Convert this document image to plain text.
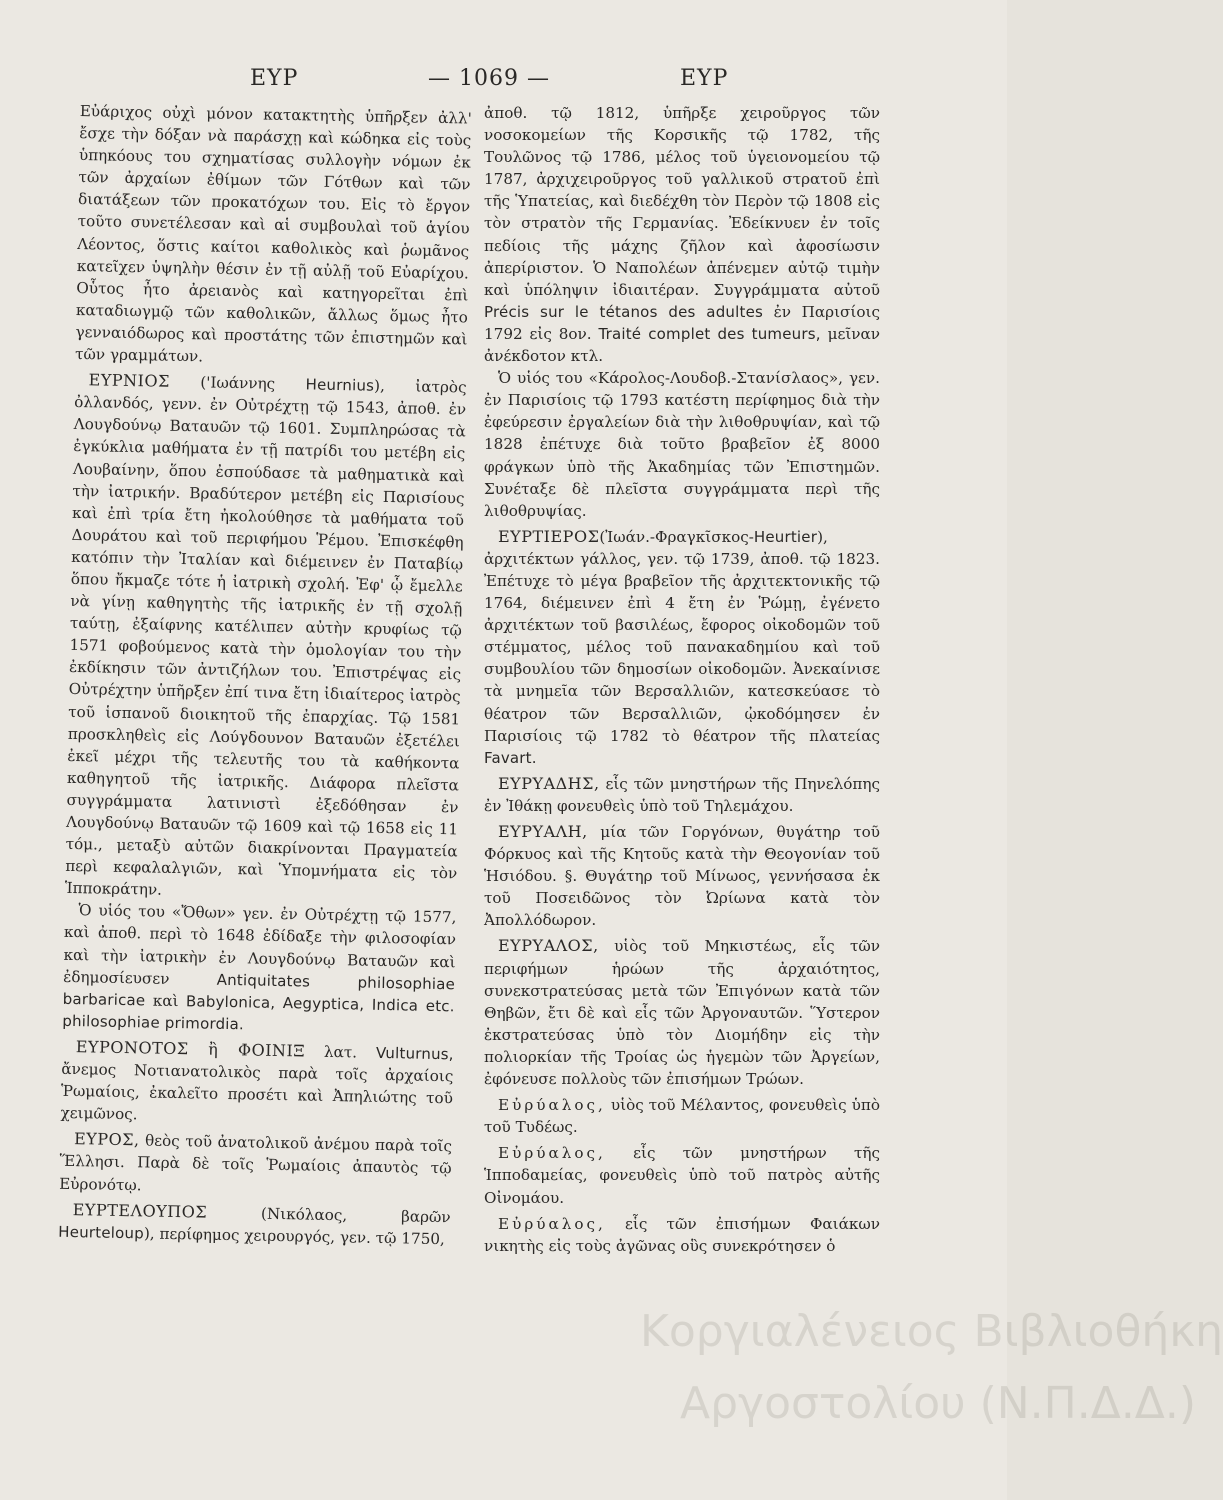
ΕΥΡ	— 1069 —	ΕΥΡ

Εὐάριχος οὐχὶ μόνον κατακτητὴς ὑπῆρξεν ἀλλ' ἔσχε τὴν δόξαν νὰ παράσχῃ καὶ κώδηκα εἰς τοὺς ὑπηκόους του σχηματίσας συλλογὴν νόμων ἐκ τῶν ἀρχαίων ἐθίμων τῶν Γότθων καὶ τῶν διατάξεων τῶν προκατόχων του. Εἰς τὸ ἔργον τοῦτο συνετέλεσαν καὶ αἱ συμβουλαὶ τοῦ ἁγίου Λέοντος, ὅστις καίτοι καθολικὸς καὶ ῥωμᾶνος κατεῖχεν ὑψηλὴν θέσιν ἐν τῇ αὐλῇ τοῦ Εὐαρίχου. Οὗτος ἦτο ἀρειανὸς καὶ κατηγορεῖται ἐπὶ καταδιωγμῷ τῶν καθολικῶν, ἄλλως ὅμως ἦτο γενναιόδωρος καὶ προστάτης τῶν ἐπιστημῶν καὶ τῶν γραμμάτων.

ΕΥΡΝΙΟΣ ('Ιωάννης Heurnius), ἰατρὸς ὀλλανδός, γενν. ἐν Οὐτρέχτῃ τῷ 1543, ἀποθ. ἐν Λουγδούνῳ Βαταυῶν τῷ 1601. Συμπληρώσας τὰ ἐγκύκλια μαθήματα ἐν τῇ πατρίδι του μετέβη εἰς Λουβαίνην, ὅπου ἐσπούδασε τὰ μαθηματικὰ καὶ τὴν ἰατρικήν. Βραδύτερον μετέβη εἰς Παρισίους καὶ ἐπὶ τρία ἔτη ἠκολούθησε τὰ μαθήματα τοῦ Δουράτου καὶ τοῦ περιφήμου Ῥέμου. Ἐπισκέφθη κατόπιν τὴν Ἰταλίαν καὶ διέμεινεν ἐν Παταβίῳ ὅπου ἤκμαζε τότε ἡ ἰατρικὴ σχολή. Ἐφ' ᾧ ἔμελλε νὰ γίνῃ καθηγητὴς τῆς ἰατρικῆς ἐν τῇ σχολῇ ταύτῃ, ἐξαίφνης κατέλιπεν αὐτὴν κρυφίως τῷ 1571 φοβούμενος κατὰ τὴν ὁμολογίαν του τὴν ἐκδίκησιν τῶν ἀντιζήλων του. Ἐπιστρέψας εἰς Οὐτρέχτην ὑπῆρξεν ἐπί τινα ἔτη ἰδιαίτερος ἰατρὸς τοῦ ἱσπανοῦ διοικητοῦ τῆς ἐπαρχίας. Τῷ 1581 προσκληθεὶς εἰς Λούγδουνον Βαταυῶν ἐξετέλει ἐκεῖ μέχρι τῆς τελευτῆς του τὰ καθήκοντα καθηγητοῦ τῆς ἰατρικῆς. Διάφορα πλεῖστα συγγράμματα λατινιστὶ ἐξεδόθησαν ἐν Λουγδούνῳ Βαταυῶν τῷ 1609 καὶ τῷ 1658 εἰς 11 τόμ., μεταξὺ αὐτῶν διακρίνονται Πραγματεία περὶ κεφαλαλγιῶν, καὶ Ὑπομνήματα εἰς τὸν Ἱπποκράτην.

Ὁ υἱός του «Ὄθων» γεν. ἐν Οὐτρέχτῃ τῷ 1577, καὶ ἀποθ. περὶ τὸ 1648 ἐδίδαξε τὴν φιλοσοφίαν καὶ τὴν ἰατρικὴν ἐν Λουγδούνῳ Βαταυῶν καὶ ἐδημοσίευσεν Antiquitates philosophiae barbaricae καὶ Babylonica, Aegyptica, Indica etc. philosophiae primordia.

ΕΥΡΟΝΟΤΟΣ ἢ ΦΟΙΝΙΞ λατ. Vulturnus, ἄνεμος Νοτιανατολικὸς παρὰ τοῖς ἀρχαίοις Ῥωμαίοις, ἐκαλεῖτο προσέτι καὶ Ἀπηλιώτης τοῦ χειμῶνος.

ΕΥΡΟΣ, θεὸς τοῦ ἀνατολικοῦ ἀνέμου παρὰ τοῖς Ἕλλησι. Παρὰ δὲ τοῖς Ῥωμαίοις ἀπαυτὸς τῷ Εὐρονότῳ.

ΕΥΡΤΕΛΟΥΠΟΣ (Νικόλαος, βαρῶν Heurteloup), περίφημος χειρουργός, γεν. τῷ 1750,

ἀποθ. τῷ 1812, ὑπῆρξε χειροῦργος τῶν νοσοκομείων τῆς Κορσικῆς τῷ 1782, τῆς Τουλῶνος τῷ 1786, μέλος τοῦ ὑγειονομείου τῷ 1787, ἀρχιχειροῦργος τοῦ γαλλικοῦ στρατοῦ ἐπὶ τῆς Ὑπατείας, καὶ διεδέχθη τὸν Περὸν τῷ 1808 εἰς τὸν στρατὸν τῆς Γερμανίας. Ἐδείκνυεν ἐν τοῖς πεδίοις τῆς μάχης ζῆλον καὶ ἀφοσίωσιν ἀπερίριστον. Ὁ Ναπολέων ἀπένεμεν αὐτῷ τιμὴν καὶ ὑπόληψιν ἰδιαιτέραν. Συγγράμματα αὐτοῦ Précis sur le tétanos des adultes ἐν Παρισίοις 1792 εἰς 8ον. Traité complet des tumeurs, μεῖναν ἀνέκδοτον κτλ.

Ὁ υἱός του «Κάρολος-Λουδοβ.-Στανίσλαος», γεν. ἐν Παρισίοις τῷ 1793 κατέστη περίφημος διὰ τὴν ἐφεύρεσιν ἐργαλείων διὰ τὴν λιθοθρυψίαν, καὶ τῷ 1828 ἐπέτυχε διὰ τοῦτο βραβεῖον ἐξ 8000 φράγκων ὑπὸ τῆς Ἀκαδημίας τῶν Ἐπιστημῶν. Συνέταξε δὲ πλεῖστα συγγράμματα περὶ τῆς λιθοθρυψίας.

ΕΥΡΤΙΕΡΟΣ(Ἰωάν.-Φραγκῖσκος-Heurtier), ἀρχιτέκτων γάλλος, γεν. τῷ 1739, ἀποθ. τῷ 1823. Ἐπέτυχε τὸ μέγα βραβεῖον τῆς ἀρχιτεκτονικῆς τῷ 1764, διέμεινεν ἐπὶ 4 ἔτη ἐν Ῥώμῃ, ἐγένετο ἀρχιτέκτων τοῦ βασιλέως, ἔφορος οἰκοδομῶν τοῦ στέμματος, μέλος τοῦ πανακαδημίου καὶ τοῦ συμβουλίου τῶν δημοσίων οἰκοδομῶν. Ἀνεκαίνισε τὰ μνημεῖα τῶν Βερσαλλιῶν, κατεσκεύασε τὸ θέατρον τῶν Βερσαλλιῶν, ᾠκοδόμησεν ἐν Παρισίοις τῷ 1782 τὸ θέατρον τῆς πλατείας Favart.

ΕΥΡΥΑΔΗΣ, εἷς τῶν μνηστήρων τῆς Πηνελόπης ἐν Ἰθάκῃ φονευθεὶς ὑπὸ τοῦ Τηλεμάχου.

ΕΥΡΥΑΛΗ, μία τῶν Γοργόνων, θυγάτηρ τοῦ Φόρκυος καὶ τῆς Κητοῦς κατὰ τὴν Θεογονίαν τοῦ Ἡσιόδου. §. Θυγάτηρ τοῦ Μίνωος, γεννήσασα ἐκ τοῦ Ποσειδῶνος τὸν Ὠρίωνα κατὰ τὸν Ἀπολλόδωρον.

ΕΥΡΥΑΛΟΣ, υἱὸς τοῦ Μηκιστέως, εἷς τῶν περιφήμων ἡρώων τῆς ἀρχαιότητος, συνεκστρατεύσας μετὰ τῶν Ἐπιγόνων κατὰ τῶν Θηβῶν, ἔτι δὲ καὶ εἷς τῶν Ἀργοναυτῶν. Ὕστερον ἐκστρατεύσας ὑπὸ τὸν Διομήδην εἰς τὴν πολιορκίαν τῆς Τροίας ὡς ἡγεμὼν τῶν Ἀργείων, ἐφόνευσε πολλοὺς τῶν ἐπισήμων Τρώων.

Εὐρύαλος, υἱὸς τοῦ Μέλαντος, φονευθεὶς ὑπὸ τοῦ Τυδέως.

Εὐρύαλος, εἷς τῶν μνηστήρων τῆς Ἱπποδαμείας, φονευθεὶς ὑπὸ τοῦ πατρὸς αὐτῆς Οἰνομάου.

Εὐρύαλος, εἷς τῶν ἐπισήμων Φαιάκων νικητὴς εἰς τοὺς ἀγῶνας οὓς συνεκρότησεν ὁ

Κοργιαλένειος Βιβλιοθήκη
Αργοστολίου (Ν.Π.Δ.Δ.)
